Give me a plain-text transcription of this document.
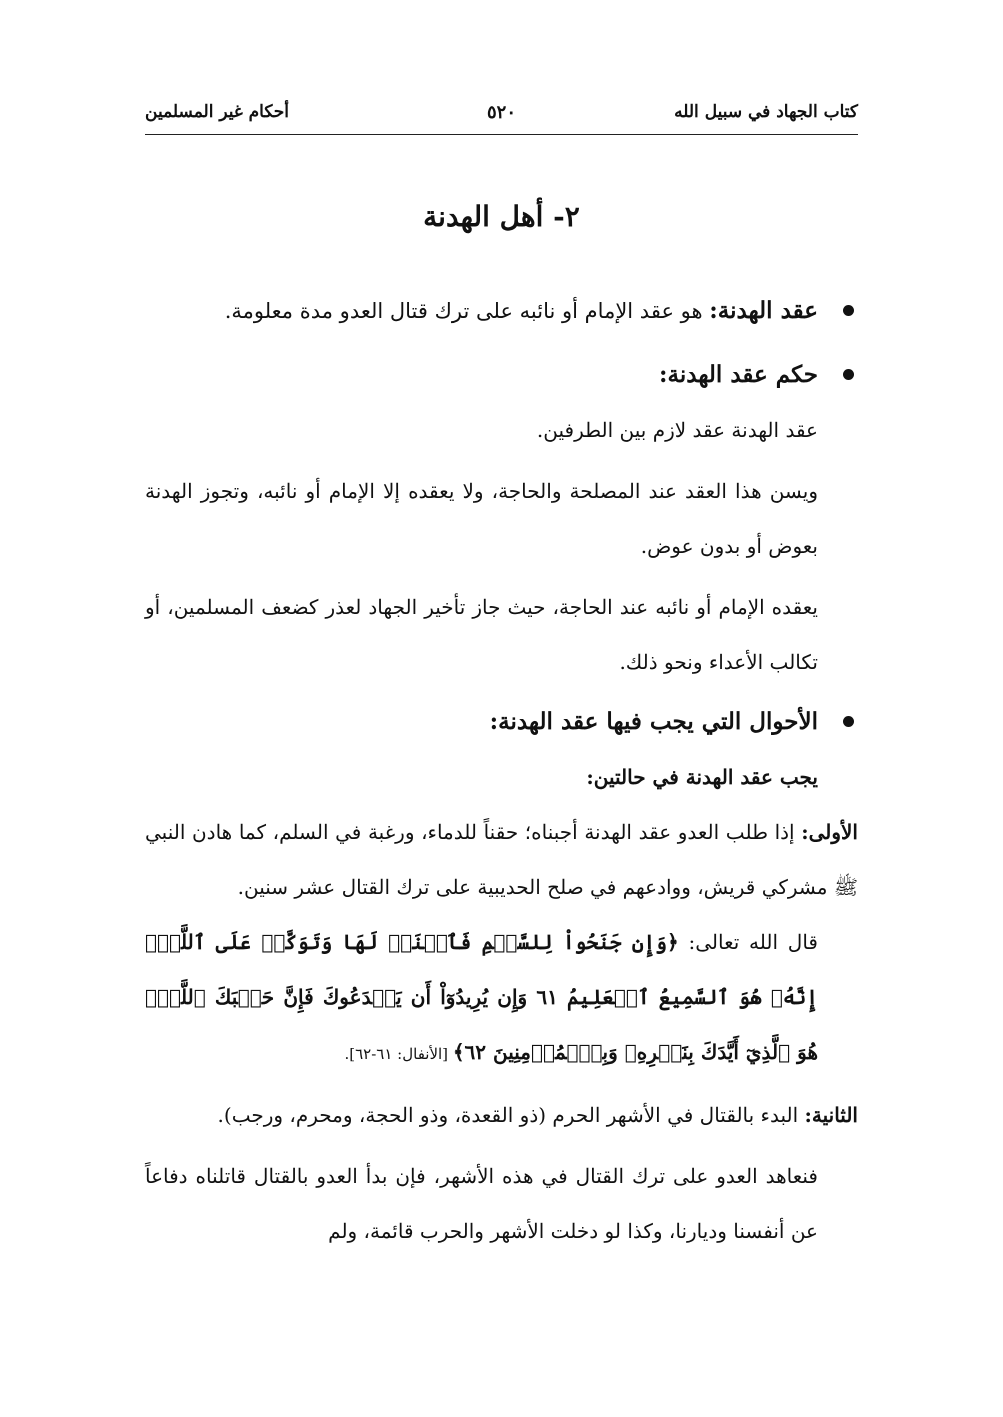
كتاب الجهاد في سبيل الله
٥٢٠
أحكام غير المسلمين
٢- أهل الهدنة
عقد الهدنة: هو عقد الإمام أو نائبه على ترك قتال العدو مدة معلومة.
حكم عقد الهدنة:
عقد الهدنة عقد لازم بين الطرفين.
ويسن هذا العقد عند المصلحة والحاجة، ولا يعقده إلا الإمام أو نائبه، وتجوز الهدنة بعوض أو بدون عوض.
يعقده الإمام أو نائبه عند الحاجة، حيث جاز تأخير الجهاد لعذر كضعف المسلمين، أو تكالب الأعداء ونحو ذلك.
الأحوال التي يجب فيها عقد الهدنة:
يجب عقد الهدنة في حالتين:
الأولى: إذا طلب العدو عقد الهدنة أجبناه؛ حقناً للدماء، ورغبة في السلم، كما هادن النبي ﷺ مشركي قريش، ووادعهم في صلح الحديبية على ترك القتال عشر سنين.
قال الله تعالى: ﴿وَإِن جَنَحُواْ لِلسَّلۡمِ فَٱجۡنَحۡ لَهَا وَتَوَكَّلۡ عَلَى ٱللَّهِۚ إِنَّهُۥ هُوَ ٱلسَّمِيعُ ٱلۡعَلِيمُ ٦١ وَإِن يُرِيدُوٓاْ أَن يَخۡدَعُوكَ فَإِنَّ حَسۡبَكَ ٱللَّهُۚ هُوَ ٱلَّذِيٓ أَيَّدَكَ بِنَصۡرِهِۦ وَبِٱلۡمُؤۡمِنِينَ ٦٢﴾ [الأنفال: ٦١-٦٢].
الثانية: البدء بالقتال في الأشهر الحرم (ذو القعدة، وذو الحجة، ومحرم، ورجب).
فنعاهد العدو على ترك القتال في هذه الأشهر، فإن بدأ العدو بالقتال قاتلناه دفاعاً عن أنفسنا وديارنا، وكذا لو دخلت الأشهر والحرب قائمة، ولم
